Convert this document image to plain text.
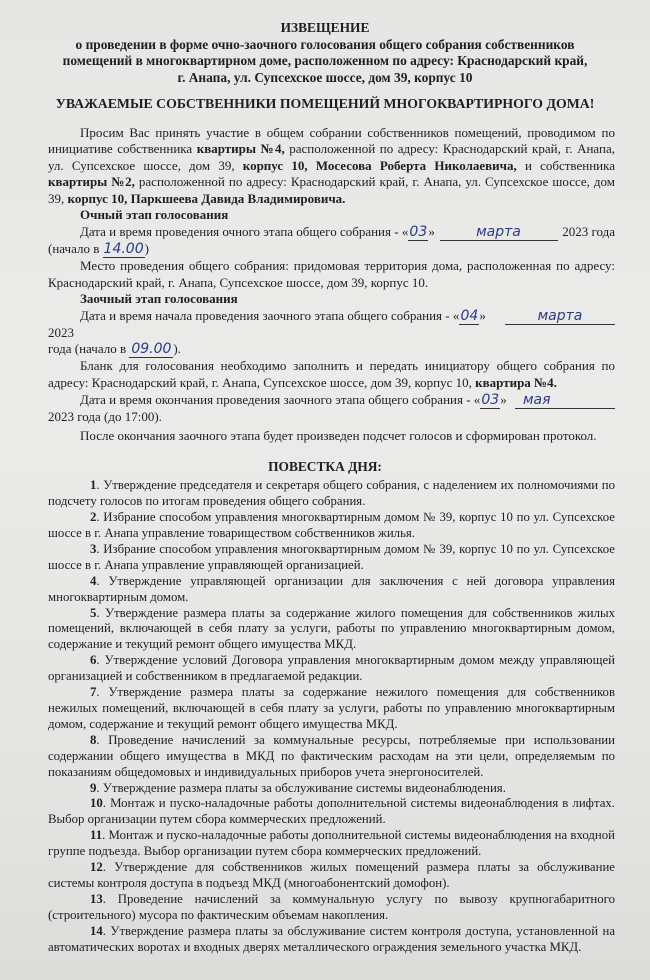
ИЗВЕЩЕНИЕ
о проведении в форме очно-заочного голосования общего собрания собственников
помещений в многоквартирном доме, расположенном по адресу: Краснодарский край,
г. Анапа, ул. Супсехское шоссе, дом 39, корпус 10
УВАЖАЕМЫЕ СОБСТВЕННИКИ ПОМЕЩЕНИЙ МНОГОКВАРТИРНОГО ДОМА!
Просим Вас принять участие в общем собрании собственников помещений, проводимом по инициативе собственника квартиры №4, расположенной по адресу: Краснодарский край, г. Анапа, ул. Супсехское шоссе, дом 39, корпус 10, Мосесова Роберта Николаевича, и собственника квартиры №2, расположенной по адресу: Краснодарский край, г. Анапа, ул. Супсехское шоссе, дом 39, корпус 10, Паркшеева Давида Владимировича.
Очный этап голосования
Дата и время проведения очного этапа общего собрания - «03»	марта	2023 года
(начало в 14.00)
Место проведения общего собрания: придомовая территория дома, расположенная по адресу: Краснодарский край, г. Анапа, Супсехское шоссе, дом 39, корпус 10.
Заочный этап голосования
Дата и время начала проведения заочного этапа общего собрания - «04»	марта
2023
года (начало в 09.00 ).
Бланк для голосования необходимо заполнить и передать инициатору общего собрания по адресу: Краснодарский край, г. Анапа, Супсехское шоссе, дом 39, корпус 10, квартира №4.
Дата и время окончания проведения заочного этапа общего собрания - «03»	мая
2023 года (до 17:00).
После окончания заочного этапа будет произведен подсчет голосов и сформирован протокол.
ПОВЕСТКА ДНЯ:
1. Утверждение председателя и секретаря общего собрания, с наделением их полномочиями по подсчету голосов по итогам проведения общего собрания.
2. Избрание способом управления многоквартирным домом № 39, корпус 10 по ул. Супсехское шоссе в г. Анапа управление товариществом собственников жилья.
3. Избрание способом управления многоквартирным домом № 39, корпус 10 по ул. Супсехское шоссе в г. Анапа управление управляющей организацией.
4. Утверждение управляющей организации для заключения с ней договора управления многоквартирным домом.
5. Утверждение размера платы за содержание жилого помещения для собственников жилых помещений, включающей в себя плату за услуги, работы по управлению многоквартирным домом, содержание и текущий ремонт общего имущества МКД.
6. Утверждение условий Договора управления многоквартирным домом между управляющей организацией и собственником в предлагаемой редакции.
7. Утверждение размера платы за содержание нежилого помещения для собственников нежилых помещений, включающей в себя плату за услуги, работы по управлению многоквартирным домом, содержание и текущий ремонт общего имущества МКД.
8. Проведение начислений за коммунальные ресурсы, потребляемые при использовании содержании общего имущества в МКД по фактическим расходам на эти цели, определяемым по показаниям общедомовых и индивидуальных приборов учета энергоносителей.
9. Утверждение размера платы за обслуживание системы видеонаблюдения.
10. Монтаж и пуско-наладочные работы дополнительной системы видеонаблюдения в лифтах. Выбор организации путем сбора коммерческих предложений.
11. Монтаж и пуско-наладочные работы дополнительной системы видеонаблюдения на входной группе подъезда. Выбор организации путем сбора коммерческих предложений.
12. Утверждение для собственников жилых помещений размера платы за обслуживание системы контроля доступа в подъезд МКД (многоабонентский домофон).
13. Проведение начислений за коммунальную услугу по вывозу крупногабаритного (строительного) мусора по фактическим объемам накопления.
14. Утверждение размера платы за обслуживание систем контроля доступа, установленной на автоматических воротах и входных дверях металлического ограждения земельного участка МКД.
